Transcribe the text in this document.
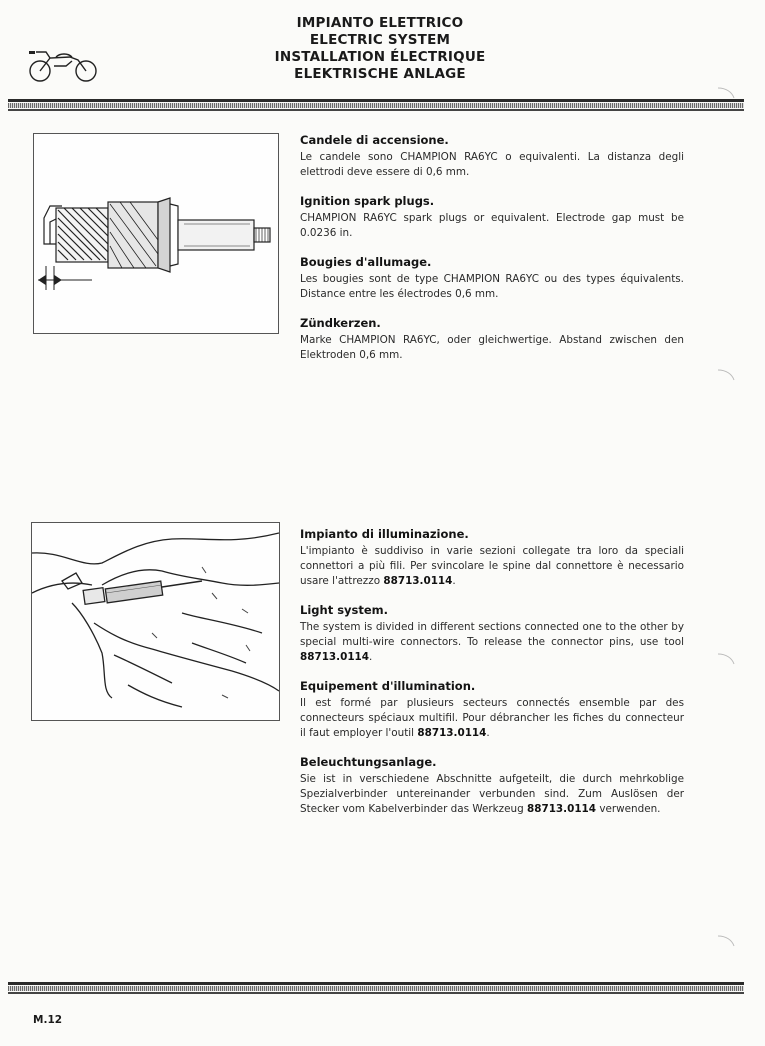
IMPIANTO ELETTRICO
ELECTRIC SYSTEM
INSTALLATION ÉLECTRIQUE
ELEKTRISCHE ANLAGE
Candele di accensione.

Le candele sono CHAMPION RA6YC o equivalenti. La distanza degli elettrodi deve essere di 0,6 mm.

Ignition spark plugs.

CHAMPION RA6YC spark plugs or equivalent. Electrode gap must be 0.0236 in.

Bougies d'allumage.

Les bougies sont de type CHAMPION RA6YC ou des types équivalents. Distance entre les électrodes 0,6 mm.

Zündkerzen.

Marke CHAMPION RA6YC, oder gleichwertige. Abstand zwischen den Elektroden 0,6 mm.

Impianto di illuminazione.

L'impianto è suddiviso in varie sezioni collegate tra loro da speciali connettori a più fili. Per svincolare le spine dal connettore è necessario usare l'attrezzo 88713.0114.

Light system.

The system is divided in different sections connected one to the other by special multi-wire connectors. To release the connector pins, use tool 88713.0114.

Equipement d'illumination.

Il est formé par plusieurs secteurs connectés ensemble par des connecteurs spéciaux multifil. Pour débrancher les fiches du connecteur il faut employer l'outil 88713.0114.

Beleuchtungsanlage.

Sie ist in verschiedene Abschnitte aufgeteilt, die durch mehrkoblige Spezialverbinder untereinander verbunden sind. Zum Auslösen der Stecker vom Kabelverbinder das Werkzeug 88713.0114 verwenden.

M.12
